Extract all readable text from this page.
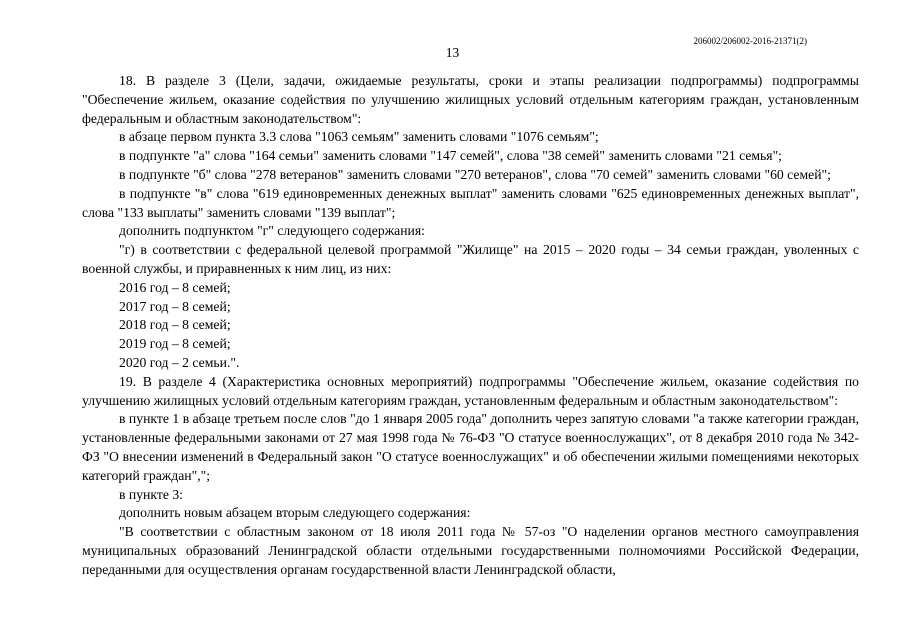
206002/206002-2016-21371(2)
13

18. В разделе 3 (Цели, задачи, ожидаемые результаты, сроки и этапы реализации подпрограммы) подпрограммы "Обеспечение жильем, оказание содействия по улучшению жилищных условий отдельным категориям граждан, установленным федеральным и областным законодательством":

в абзаце первом пункта 3.3 слова "1063 семьям" заменить словами "1076 семьям";

в подпункте "а" слова "164 семьи" заменить словами "147 семей", слова "38 семей" заменить словами "21 семья";

в подпункте "б" слова "278 ветеранов" заменить словами "270 ветеранов", слова "70 семей" заменить словами "60 семей";

в подпункте "в" слова "619 единовременных денежных выплат" заменить словами "625 единовременных денежных выплат", слова "133 выплаты" заменить словами "139 выплат";

дополнить подпунктом "г" следующего содержания:

"г) в соответствии с федеральной целевой программой "Жилище" на 2015 – 2020 годы – 34 семьи граждан, уволенных с военной службы, и приравненных к ним лиц, из них:

2016 год – 8 семей;

2017 год – 8 семей;

2018 год – 8 семей;

2019 год – 8 семей;

2020 год – 2 семьи.".

19. В разделе 4 (Характеристика основных мероприятий) подпрограммы "Обеспечение жильем, оказание содействия по улучшению жилищных условий отдельным категориям граждан, установленным федеральным и областным законодательством":

в пункте 1 в абзаце третьем после слов "до 1 января 2005 года" дополнить через запятую словами "а также категории граждан, установленные федеральными законами от 27 мая 1998 года № 76-ФЗ "О статусе военнослужащих", от 8 декабря 2010 года № 342-ФЗ "О внесении изменений в Федеральный закон "О статусе военнослужащих" и об обеспечении жилыми помещениями некоторых категорий граждан",";

в пункте 3:

дополнить новым абзацем вторым следующего содержания:

"В соответствии с областным законом от 18 июля 2011 года № 57-оз "О наделении органов местного самоуправления муниципальных образований Ленинградской области отдельными государственными полномочиями Российской Федерации, переданными для осуществления органам государственной власти Ленинградской области,
